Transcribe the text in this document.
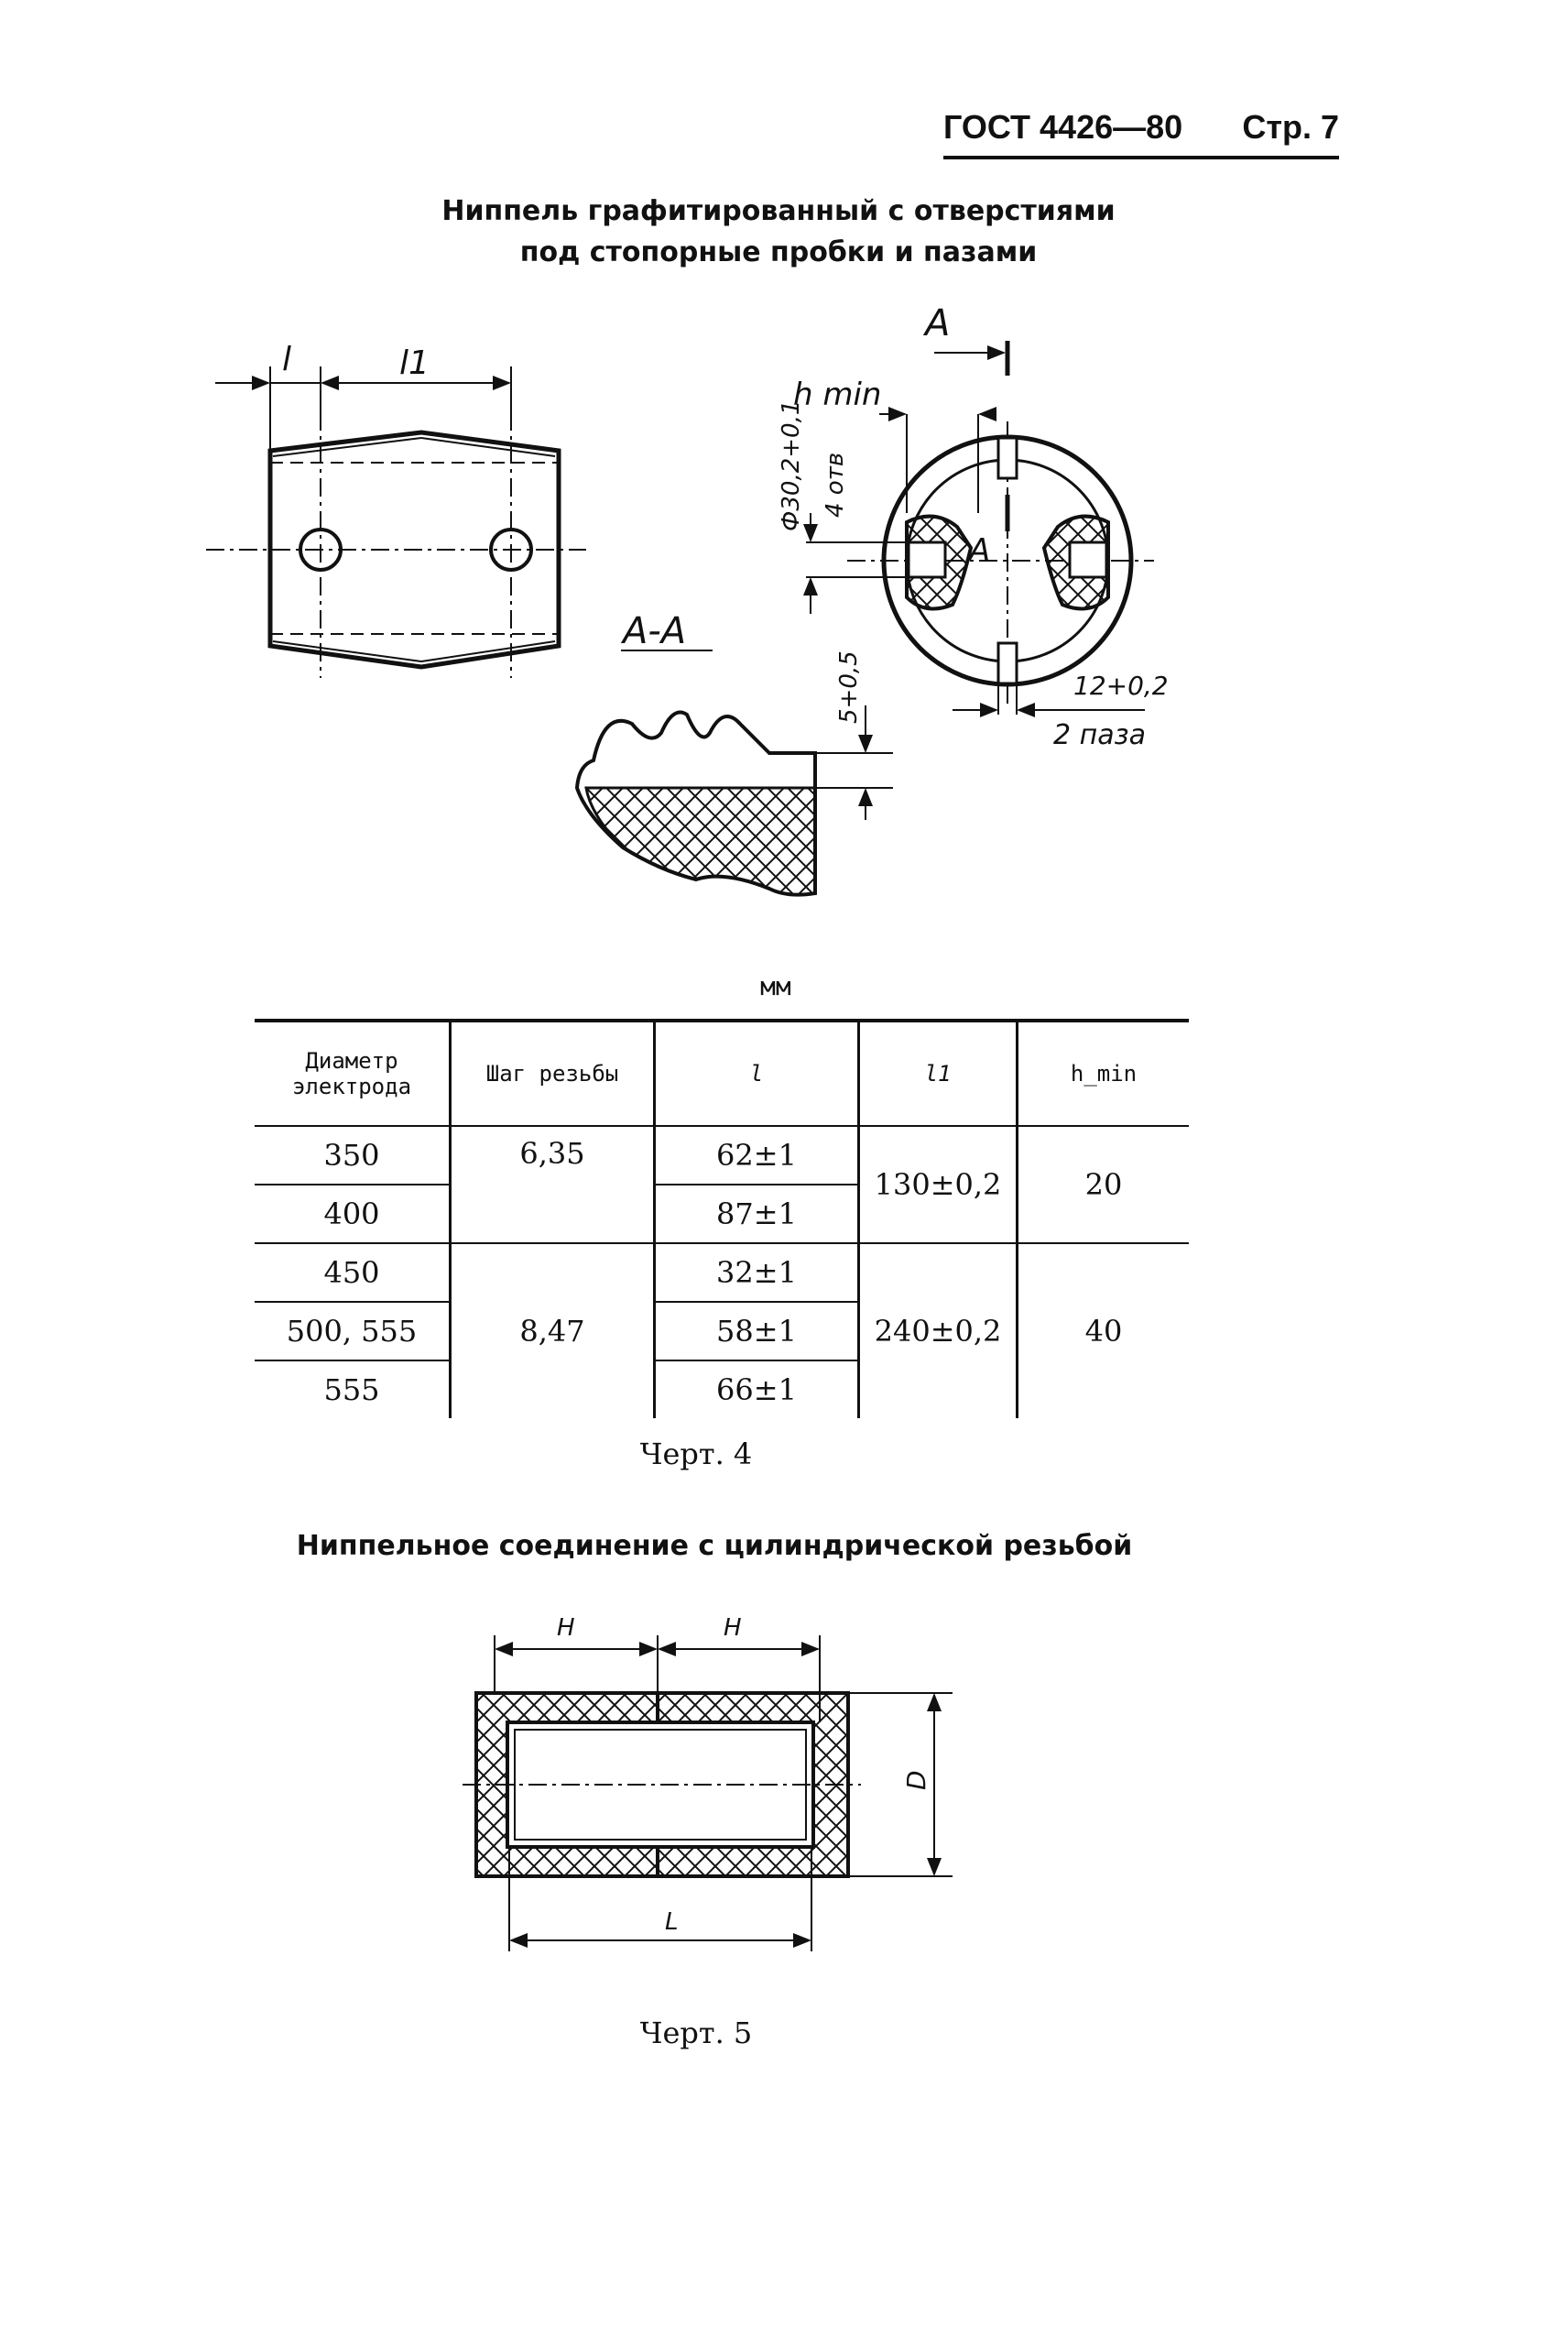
ГОСТ 4426—80 Стр. 7
Ниппель графитированный с отверстиями
под стопорные пробки и пазами
l	l1
A
A
h min
Ф30,2+0,1 4 отв
12+0,2
2 паза
А-А
5+0,5
мм
Диаметр электрода	Шаг резьбы	l	l1	h_min
350	6,35	62±1	130±0,2	20
400		87±1		
450	8,47	32±1	240±0,2	40
500, 555		58±1		
555		66±1		
Черт. 4
Ниппельное соединение с цилиндрической резьбой
H	H
D
L
Черт. 5
